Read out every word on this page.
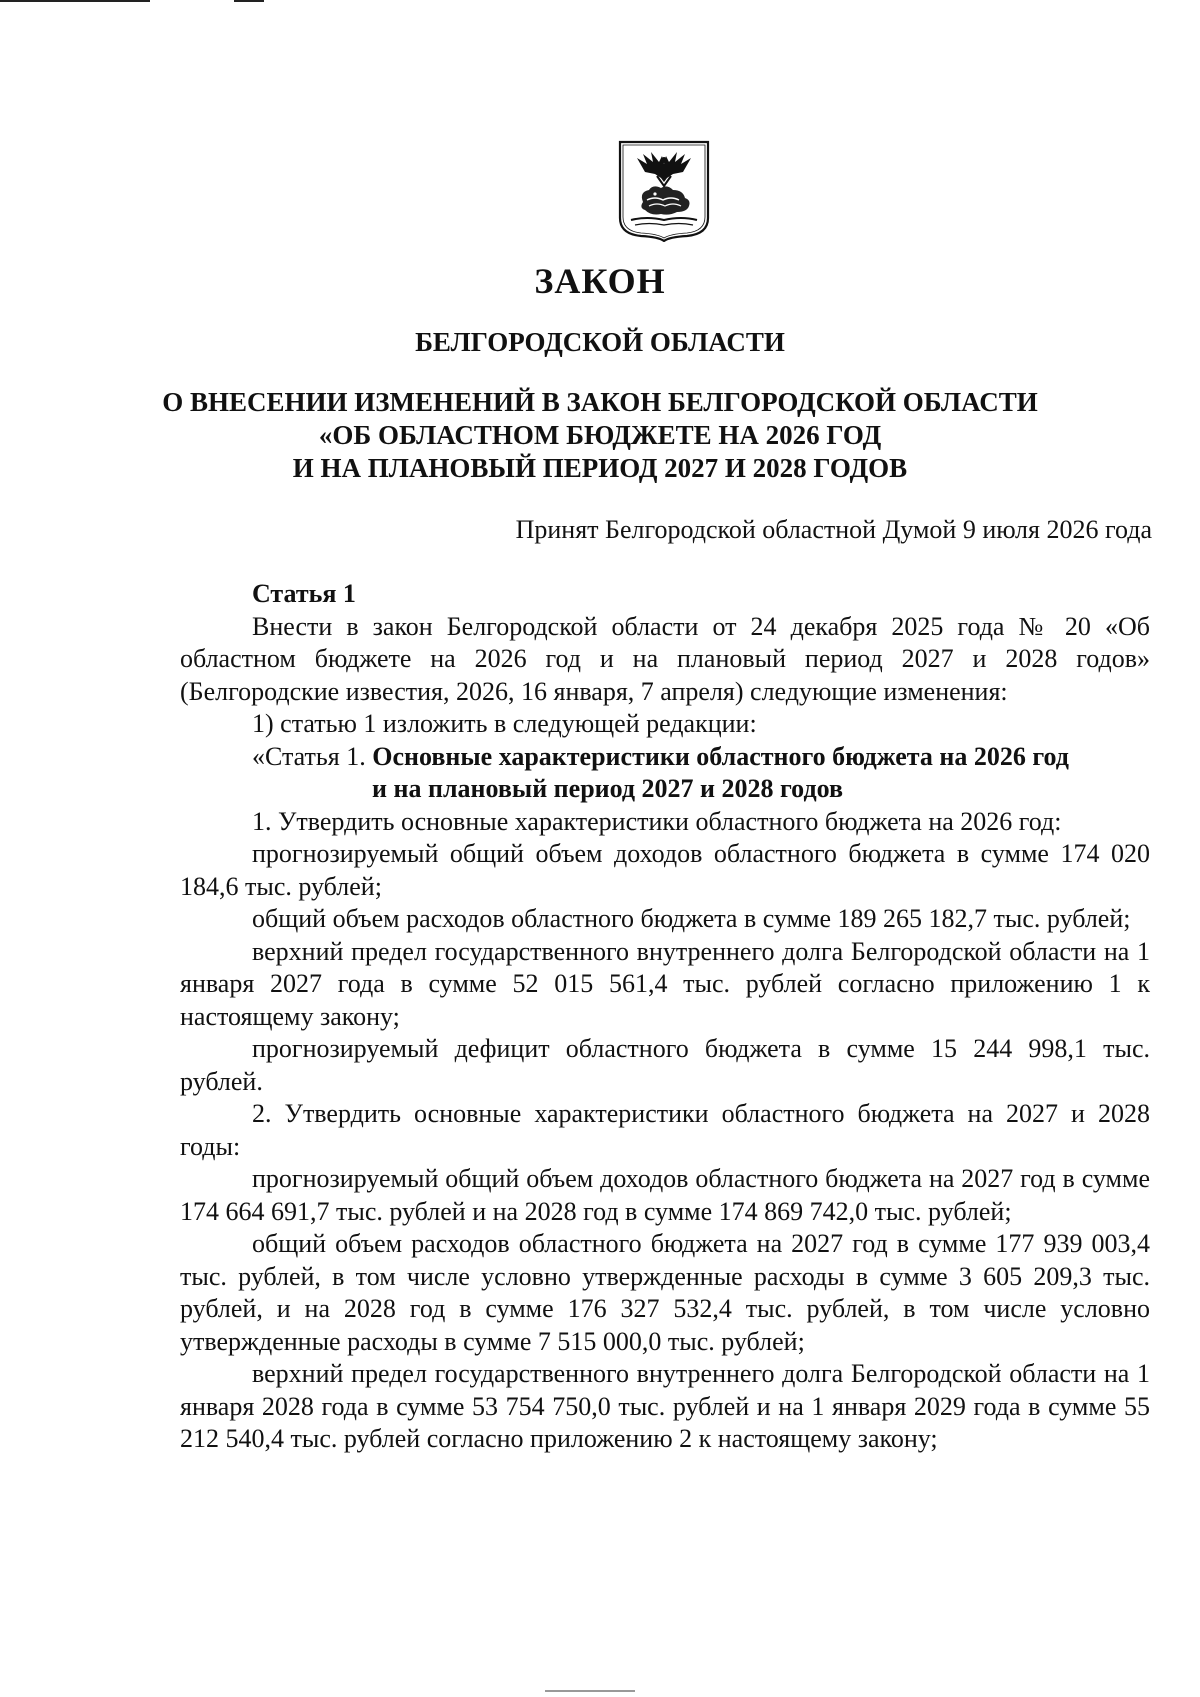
ЗАКОН
БЕЛГОРОДСКОЙ ОБЛАСТИ
О ВНЕСЕНИИ ИЗМЕНЕНИЙ В ЗАКОН БЕЛГОРОДСКОЙ ОБЛАСТИ
«ОБ ОБЛАСТНОМ БЮДЖЕТЕ НА 2026 ГОД
И НА ПЛАНОВЫЙ ПЕРИОД 2027 И 2028 ГОДОВ
Принят Белгородской областной Думой 9 июля 2026 года

Статья 1

Внести в закон Белгородской области от 24 декабря 2025 года № 20 «Об областном бюджете на 2026 год и на плановый период 2027 и 2028 годов» (Белгородские известия, 2026, 16 января, 7 апреля) следующие изменения:

1) статью 1 изложить в следующей редакции:

«Статья 1. Основные характеристики областного бюджета на 2026 год

и на плановый период 2027 и 2028 годов

1. Утвердить основные характеристики областного бюджета на 2026 год:

прогнозируемый общий объем доходов областного бюджета в сумме 174 020 184,6 тыс. рублей;

общий объем расходов областного бюджета в сумме 189 265 182,7 тыс. рублей;

верхний предел государственного внутреннего долга Белгородской области на 1 января 2027 года в сумме 52 015 561,4 тыс. рублей согласно приложению 1 к настоящему закону;

прогнозируемый дефицит областного бюджета в сумме 15 244 998,1 тыс. рублей.

2. Утвердить основные характеристики областного бюджета на 2027 и 2028 годы:

прогнозируемый общий объем доходов областного бюджета на 2027 год в сумме 174 664 691,7 тыс. рублей и на 2028 год в сумме 174 869 742,0 тыс. рублей;

общий объем расходов областного бюджета на 2027 год в сумме 177 939 003,4 тыс. рублей, в том числе условно утвержденные расходы в сумме 3 605 209,3 тыс. рублей, и на 2028 год в сумме 176 327 532,4 тыс. рублей, в том числе условно утвержденные расходы в сумме 7 515 000,0 тыс. рублей;

верхний предел государственного внутреннего долга Белгородской области на 1 января 2028 года в сумме 53 754 750,0 тыс. рублей и на 1 января 2029 года в сумме 55 212 540,4 тыс. рублей согласно приложению 2 к настоящему закону;
